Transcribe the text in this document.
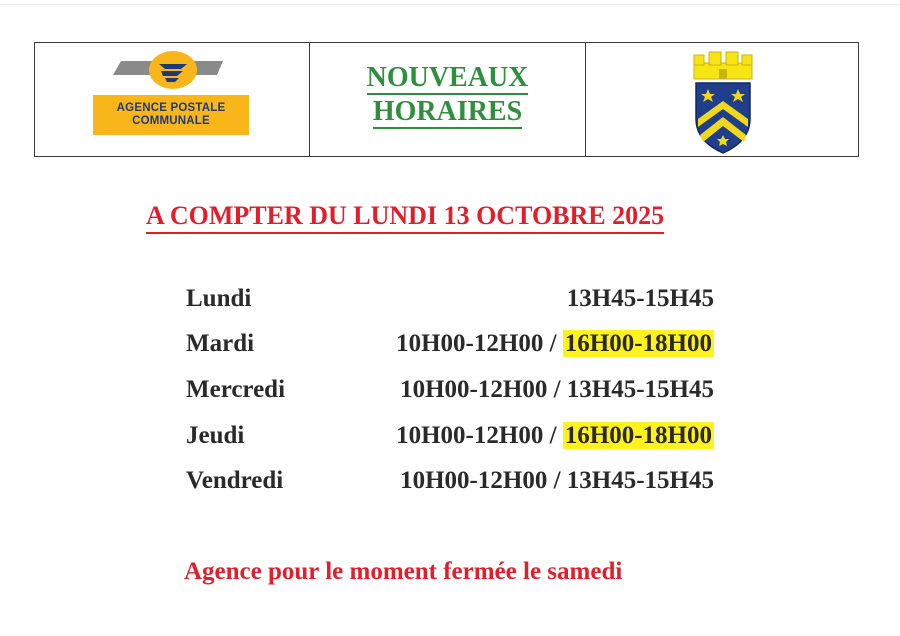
AGENCE POSTALE
COMMUNALE
NOUVEAUX
HORAIRES
A COMPTER DU LUNDI 13 OCTOBRE 2025
Lundi	13H45-15H45
Mardi	10H00-12H00 / 16H00-18H00
Mercredi	10H00-12H00 / 13H45-15H45
Jeudi	10H00-12H00 / 16H00-18H00
Vendredi	10H00-12H00 / 13H45-15H45
Agence pour le moment fermée le samedi
